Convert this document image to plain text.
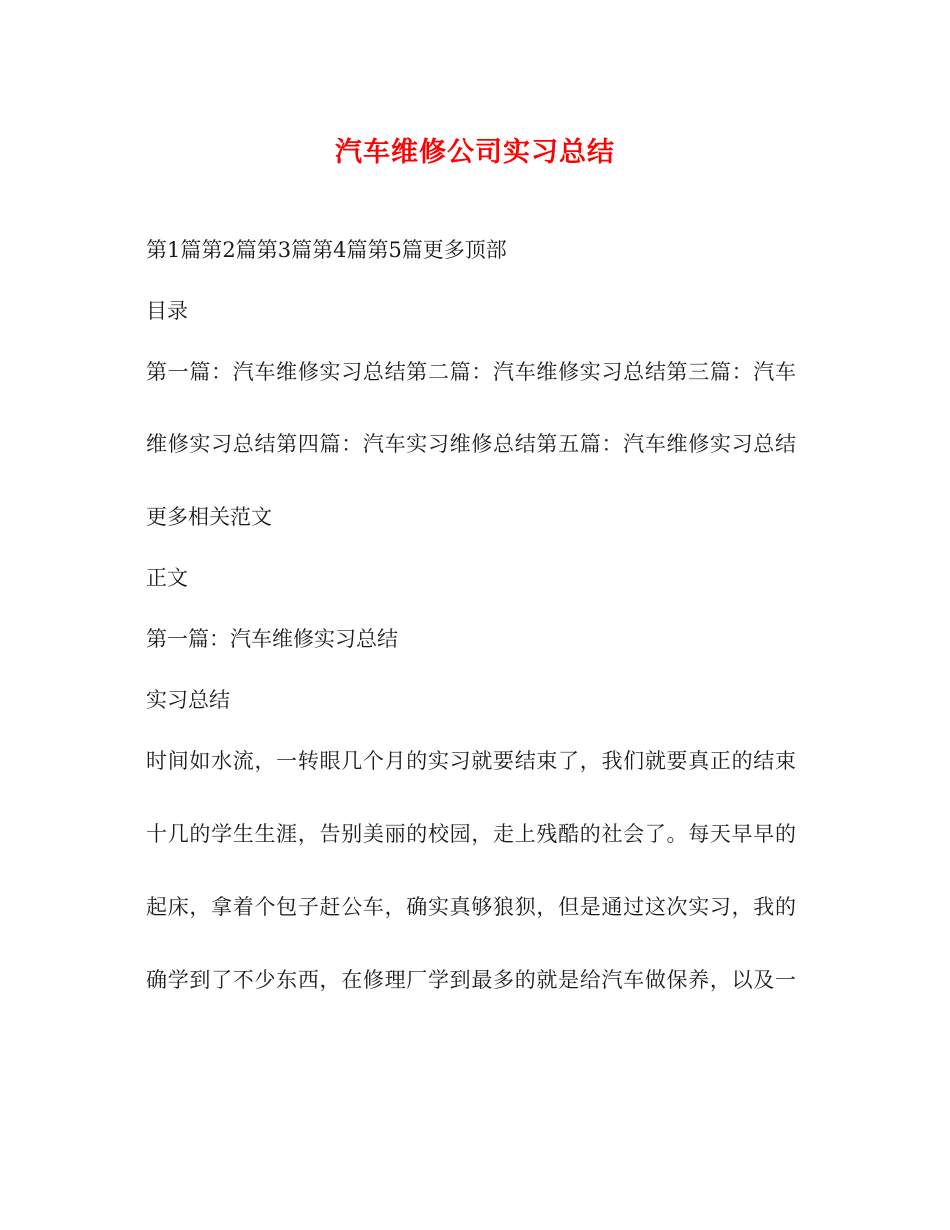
汽车维修公司实习总结
第1篇第2篇第3篇第4篇第5篇更多顶部
目录
第一篇：汽车维修实习总结第二篇：汽车维修实习总结第三篇：汽车
维修实习总结第四篇：汽车实习维修总结第五篇：汽车维修实习总结
更多相关范文
正文
第一篇：汽车维修实习总结
实习总结
时间如水流，一转眼几个月的实习就要结束了，我们就要真正的结束
十几的学生生涯，告别美丽的校园，走上残酷的社会了。每天早早的
起床，拿着个包子赶公车，确实真够狼狈，但是通过这次实习，我的
确学到了不少东西，在修理厂学到最多的就是给汽车做保养，以及一
